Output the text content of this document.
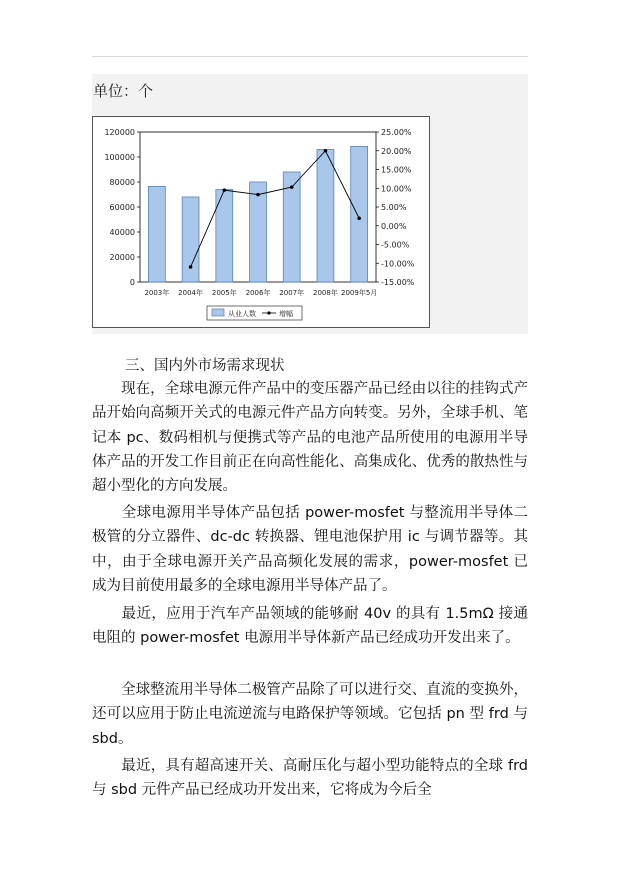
单位：个
0
20000
40000
60000
80000
100000
120000
-15.00%
-10.00%
-5.00%
0.00%
5.00%
10.00%
15.00%
20.00%
25.00%
2003年 2004年 2005年 2006年 2007年 2008年 2009年5月
从业人数	增幅
三、国内外市场需求现状

　　现在，全球电源元件产品中的变压器产品已经由以往的挂钩式产品开始向高频开关式的电源元件产品方向转变。另外，全球手机、笔记本 pc、数码相机与便携式等产品的电池产品所使用的电源用半导体产品的开发工作目前正在向高性能化、高集成化、优秀的散热性与超小型化的方向发展。

　　全球电源用半导体产品包括 power-mosfet 与整流用半导体二极管的分立器件、dc-dc 转换器、锂电池保护用 ic 与调节器等。其中，由于全球电源开关产品高频化发展的需求，power-mosfet 已成为目前使用最多的全球电源用半导体产品了。

　　最近，应用于汽车产品领域的能够耐 40v 的具有 1.5mΩ 接通电阻的 power-mosfet 电源用半导体新产品已经成功开发出来了。

　　全球整流用半导体二极管产品除了可以进行交、直流的变换外，还可以应用于防止电流逆流与电路保护等领域。它包括 pn 型 frd 与 sbd。

　　最近，具有超高速开关、高耐压化与超小型功能特点的全球 frd 与 sbd 元件产品已经成功开发出来，它将成为今后全
